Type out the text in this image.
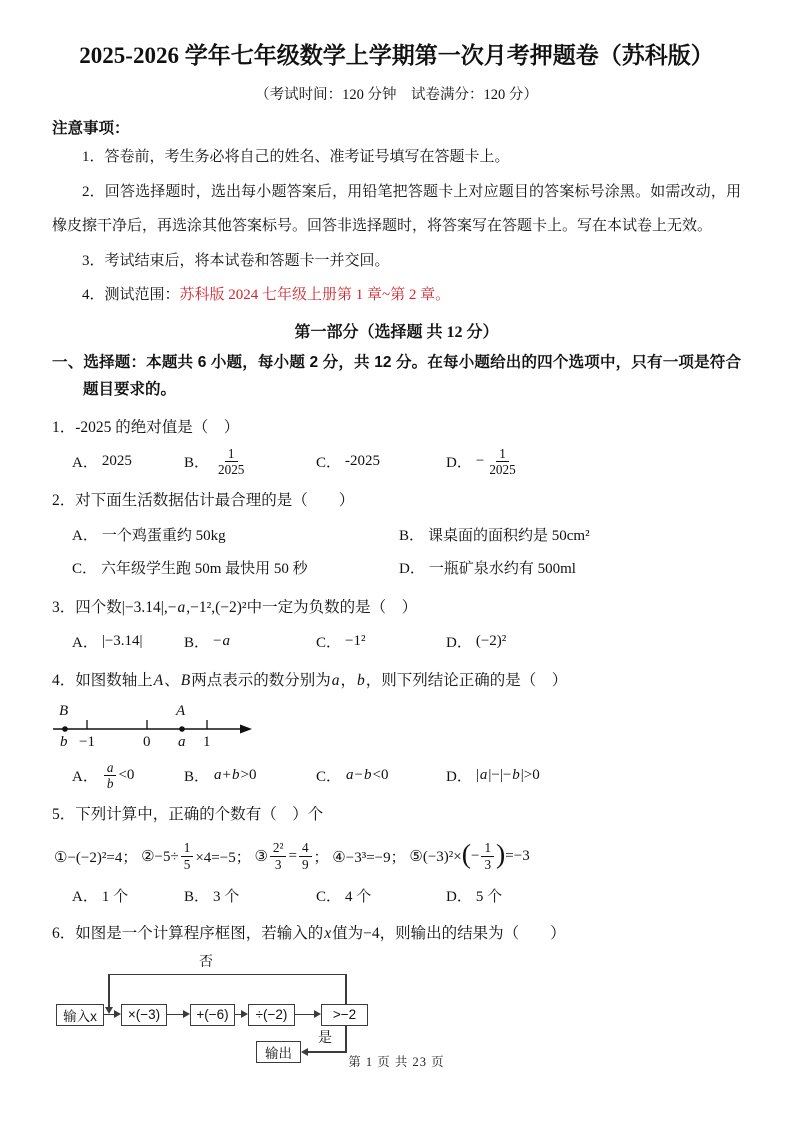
2025-2026 学年七年级数学上学期第一次月考押题卷（苏科版）

（考试时间：120 分钟　试卷满分：120 分）

注意事项：

1．答卷前，考生务必将自己的姓名、准考证号填写在答题卡上。

2．回答选择题时，选出每小题答案后，用铅笔把答题卡上对应题目的答案标号涂黑。如需改动，用橡皮擦干净后，再选涂其他答案标号。回答非选择题时，将答案写在答题卡上。写在本试卷上无效。

3．考试结束后，将本试卷和答题卡一并交回。

4．测试范围：苏科版 2024 七年级上册第 1 章~第 2 章。

第一部分（选择题 共 12 分）

一、选择题：本题共 6 小题，每小题 2 分，共 12 分。在每小题给出的四个选项中，只有一项是符合题目要求的。

1．-2025 的绝对值是（　）

A． 2025	B． $\frac{1}{2025}$	C． -2025	D． − $\frac{1}{2025}$

2．对下面生活数据估计最合理的是（　　）

A． 一个鸡蛋重约 50kg	B． 课桌面的面积约是 50cm²
C． 六年级学生跑 50m 最快用 50 秒	D． 一瓶矿泉水约有 500ml

3．四个数 |−3.14|,− a ,−1²,(−2)² 中一定为负数的是（　）

A． |−3.14|	B． −a	C． −1²	D． (−2)²

4．如图数轴上 A 、 B 两点表示的数分别为 a ， b ，则下列结论正确的是（　）

B
b −1	0
A
a 1
A． $\frac{a}{b} <0$	B． a+b>0	C． a−b<0	D． |a|−|−b|>0

5．下列计算中，正确的个数有（　）个

①−(−2)²=4； ②−5÷ $\frac{1}{5} \times 4=-5$； ③ $\frac{\text{2²}}{3} = \frac{4}{9}$ ； ④−3³=−9； ⑤(−3)²× ( − $\frac{1}{3}$ ) =−3
A． 1 个	B． 3 个	C． 4 个	D． 5 个

6．如图是一个计算程序框图，若输入的 x 值为−4，则输出的结果为（　　）

否
输入x	×(−3)	+(−6)	÷(−2)	>−2
是
输出

第 1 页 共 23 页
